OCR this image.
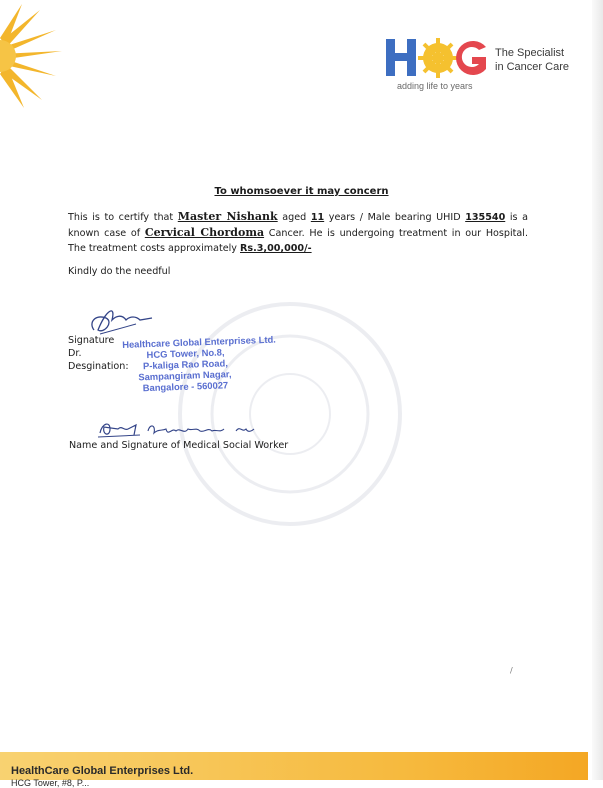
The Specialist
in Cancer Care
adding life to years
To whomsoever it may concern
This is to certify that Master Nishank aged 11 years / Male bearing UHID 135540 is a known case of Cervical Chordoma Cancer. He is undergoing treatment in our Hospital. The treatment costs approximately Rs.3,00,000/-
Kindly do the needful
Signature
Dr.
Desgination:
Healthcare Global Enterprises Ltd.
HCG Tower, No.8,
P-kaliga Rao Road,
Sampangiram Nagar,
Bangalore - 560027
Name and Signature of Medical Social Worker
/
HealthCare Global Enterprises Ltd.
HCG Tower, #8, P...
